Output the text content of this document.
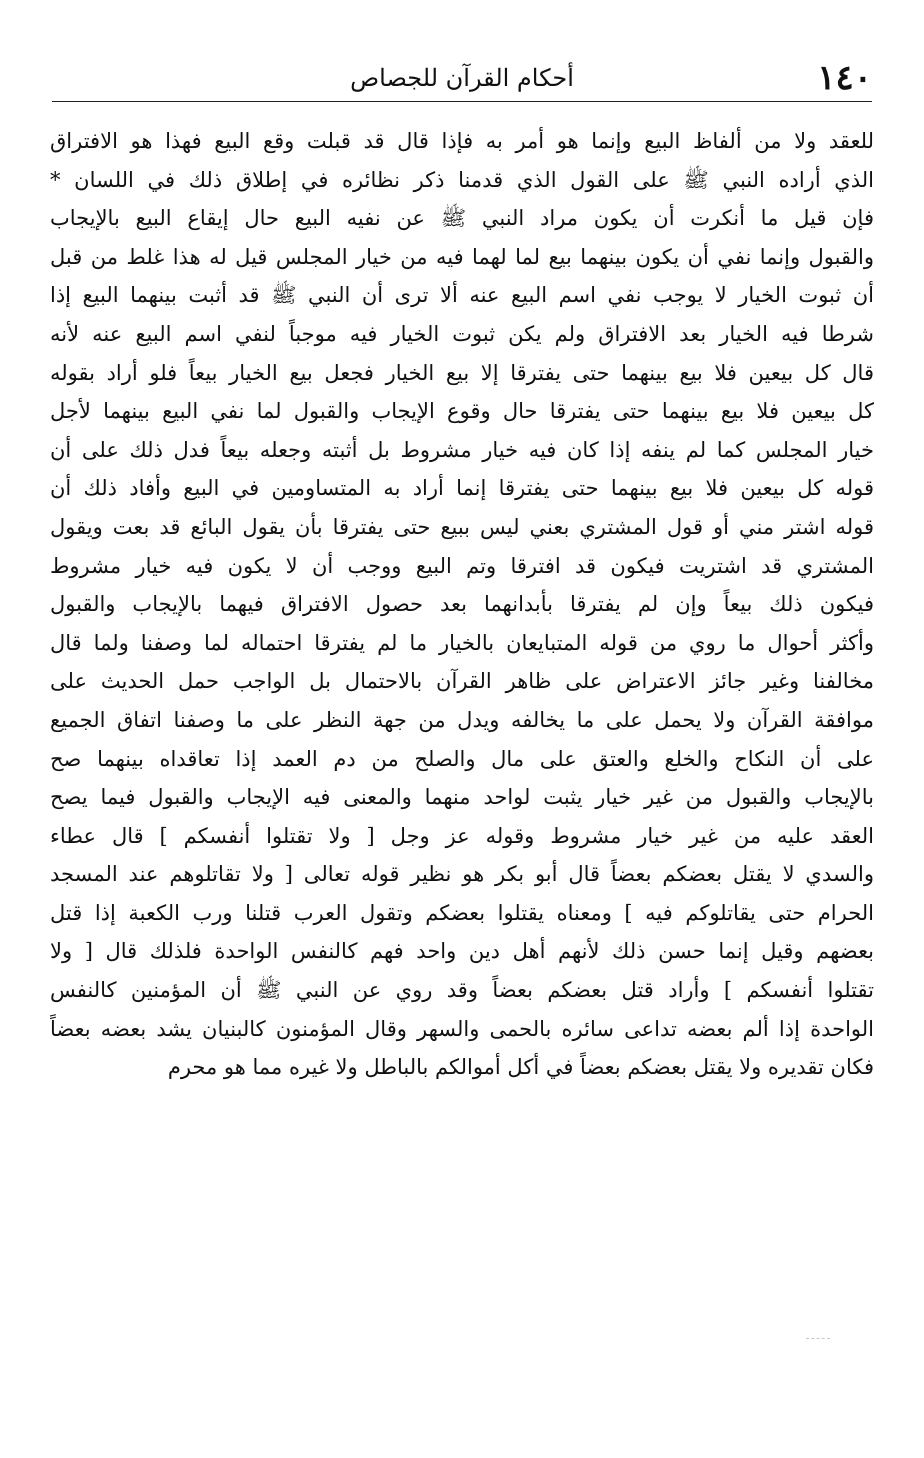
١٤٠
أحكام القرآن للجصاص
للعقد ولا من ألفاظ البيع وإنما هو أمر به فإذا قال قد قبلت وقع البيع فهذا هو الافتراق
الذي أراده النبي ﷺ على القول الذي قدمنا ذكر نظائره في إطلاق ذلك في اللسان *
فإن قيل ما أنكرت أن يكون مراد النبي ﷺ عن نفيه البيع حال إيقاع البيع بالإيجاب
والقبول وإنما نفي أن يكون بينهما بيع لما لهما فيه من خيار المجلس قيل له هذا غلط من قبل
أن ثبوت الخيار لا يوجب نفي اسم البيع عنه ألا ترى أن النبي ﷺ قد أثبت بينهما البيع إذا
شرطا فيه الخيار بعد الافتراق ولم يكن ثبوت الخيار فيه موجباً لنفي اسم البيع عنه لأنه
قال كل بيعين فلا بيع بينهما حتى يفترقا إلا بيع الخيار فجعل بيع الخيار بيعاً فلو أراد بقوله
كل بيعين فلا بيع بينهما حتى يفترقا حال وقوع الإيجاب والقبول لما نفي البيع بينهما لأجل
خيار المجلس كما لم ينفه إذا كان فيه خيار مشروط بل أثبته وجعله بيعاً فدل ذلك على أن
قوله كل بيعين فلا بيع بينهما حتى يفترقا إنما أراد به المتساومين في البيع وأفاد ذلك أن
قوله اشتر مني أو قول المشتري بعني ليس ببيع حتى يفترقا بأن يقول البائع قد بعت ويقول
المشتري قد اشتريت فيكون قد افترقا وتم البيع ووجب أن لا يكون فيه خيار مشروط
فيكون ذلك بيعاً وإن لم يفترقا بأبدانهما بعد حصول الافتراق فيهما بالإيجاب والقبول
وأكثر أحوال ما روي من قوله المتبايعان بالخيار ما لم يفترقا احتماله لما وصفنا ولما قال
مخالفنا وغير جائز الاعتراض على ظاهر القرآن بالاحتمال بل الواجب حمل الحديث على
موافقة القرآن ولا يحمل على ما يخالفه ويدل من جهة النظر على ما وصفنا اتفاق الجميع
على أن النكاح والخلع والعتق على مال والصلح من دم العمد إذا تعاقداه بينهما صح
بالإيجاب والقبول من غير خيار يثبت لواحد منهما والمعنى فيه الإيجاب والقبول فيما يصح
العقد عليه من غير خيار مشروط وقوله عز وجل [ ولا تقتلوا أنفسكم ] قال عطاء
والسدي لا يقتل بعضكم بعضاً قال أبو بكر هو نظير قوله تعالى [ ولا تقاتلوهم عند المسجد
الحرام حتى يقاتلوكم فيه ] ومعناه يقتلوا بعضكم وتقول العرب قتلنا ورب الكعبة إذا قتل
بعضهم وقيل إنما حسن ذلك لأنهم أهل دين واحد فهم كالنفس الواحدة فلذلك قال [ ولا
تقتلوا أنفسكم ] وأراد قتل بعضكم بعضاً وقد روي عن النبي ﷺ أن المؤمنين كالنفس
الواحدة إذا ألم بعضه تداعى سائره بالحمى والسهر وقال المؤمنون كالبنيان يشد بعضه بعضاً
فكان تقديره ولا يقتل بعضكم بعضاً في أكل أموالكم بالباطل ولا غيره مما هو محرم
